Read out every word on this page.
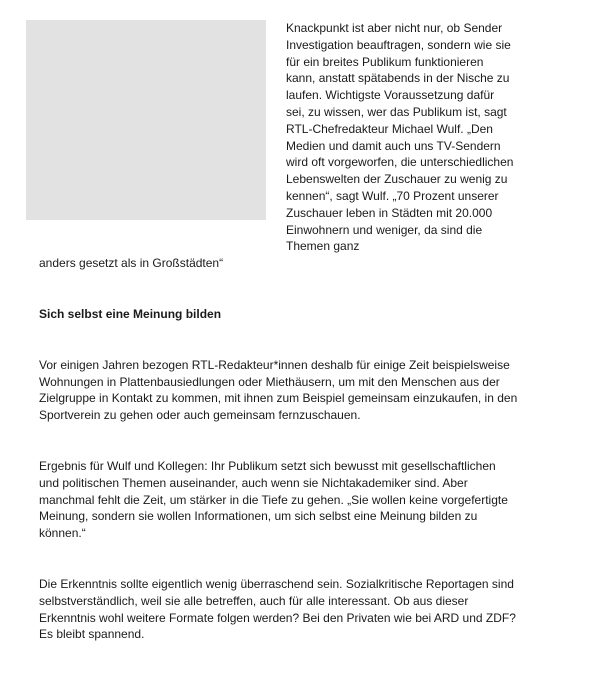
Knackpunkt ist aber nicht nur, ob Sender Investigation beauftragen, sondern wie sie für ein breites Publikum funktionieren kann, anstatt spätabends in der Nische zu laufen. Wichtigste Voraussetzung dafür sei, zu wissen, wer das Publikum ist, sagt RTL-Chefredakteur Michael Wulf. „Den Medien und damit auch uns TV-Sendern wird oft vorgeworfen, die unterschiedlichen Lebenswelten der Zuschauer zu wenig zu kennen“, sagt Wulf. „70 Prozent unserer Zuschauer leben in Städten mit 20.000 Einwohnern und weniger, da sind die Themen ganz

anders gesetzt als in Großstädten“

Sich selbst eine Meinung bilden

Vor einigen Jahren bezogen RTL-Redakteur*innen deshalb für einige Zeit beispielsweise Wohnungen in Plattenbausiedlungen oder Miethäusern, um mit den Menschen aus der Zielgruppe in Kontakt zu kommen, mit ihnen zum Beispiel gemeinsam einzukaufen, in den Sportverein zu gehen oder auch gemeinsam fernzuschauen.

Ergebnis für Wulf und Kollegen: Ihr Publikum setzt sich bewusst mit gesellschaftlichen und politischen Themen auseinander, auch wenn sie Nichtakademiker sind. Aber manchmal fehlt die Zeit, um stärker in die Tiefe zu gehen. „Sie wollen keine vorgefertigte Meinung, sondern sie wollen Informationen, um sich selbst eine Meinung bilden zu können.“

Die Erkenntnis sollte eigentlich wenig überraschend sein. Sozialkritische Reportagen sind selbstverständlich, weil sie alle betreffen, auch für alle interessant. Ob aus dieser Erkenntnis wohl weitere Formate folgen werden? Bei den Privaten wie bei ARD und ZDF? Es bleibt spannend.
